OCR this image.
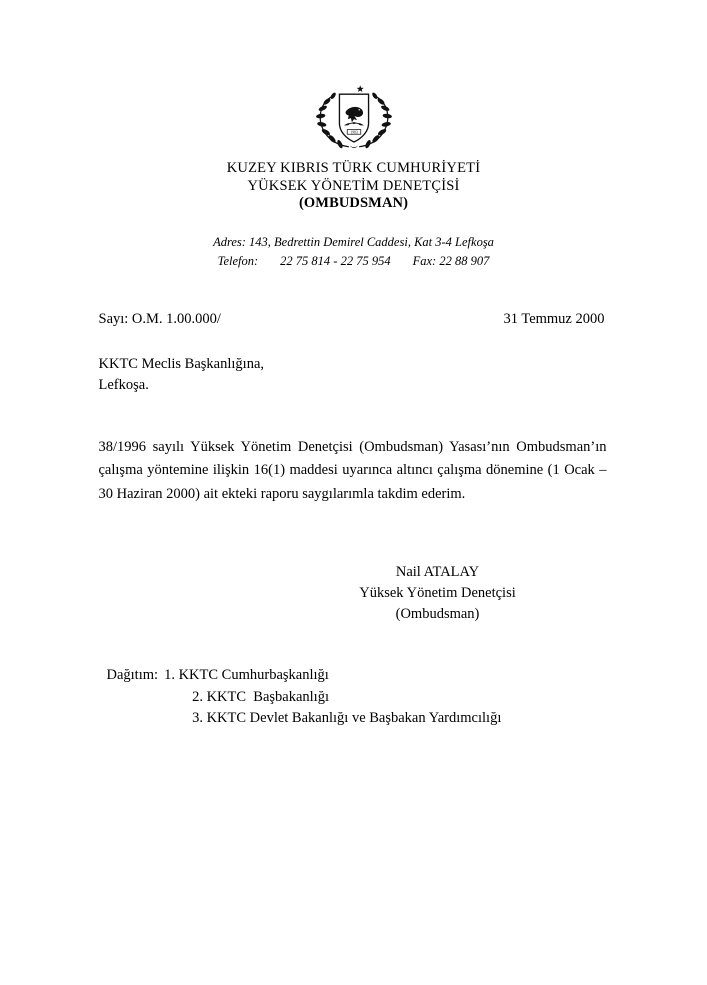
1983
KUZEY KIBRIS TÜRK CUMHURİYETİ
YÜKSEK YÖNETİM DENETÇİSİ
(OMBUDSMAN)
Adres: 143, Bedrettin Demirel Caddesi, Kat 3-4 Lefkoşa
Telefon: 22 75 814 - 22 75 954 Fax: 22 88 907
Sayı: O.M. 1.00.000/	31 Temmuz 2000
KKTC Meclis Başkanlığına,
Lefkoşa.
38/1996 sayılı Yüksek Yönetim Denetçisi (Ombudsman) Yasası’nın Ombudsman’ın çalışma yöntemine ilişkin 16(1) maddesi uyarınca altıncı çalışma dönemine (1 Ocak – 30 Haziran 2000) ait ekteki raporu saygılarımla takdim ederim.
Nail ATALAY
Yüksek Yönetim Denetçisi
(Ombudsman)
Dağıtım: 1. KKTC Cumhurbaşkanlığı
2. KKTC  Başbakanlığı
3. KKTC Devlet Bakanlığı ve Başbakan Yardımcılığı
